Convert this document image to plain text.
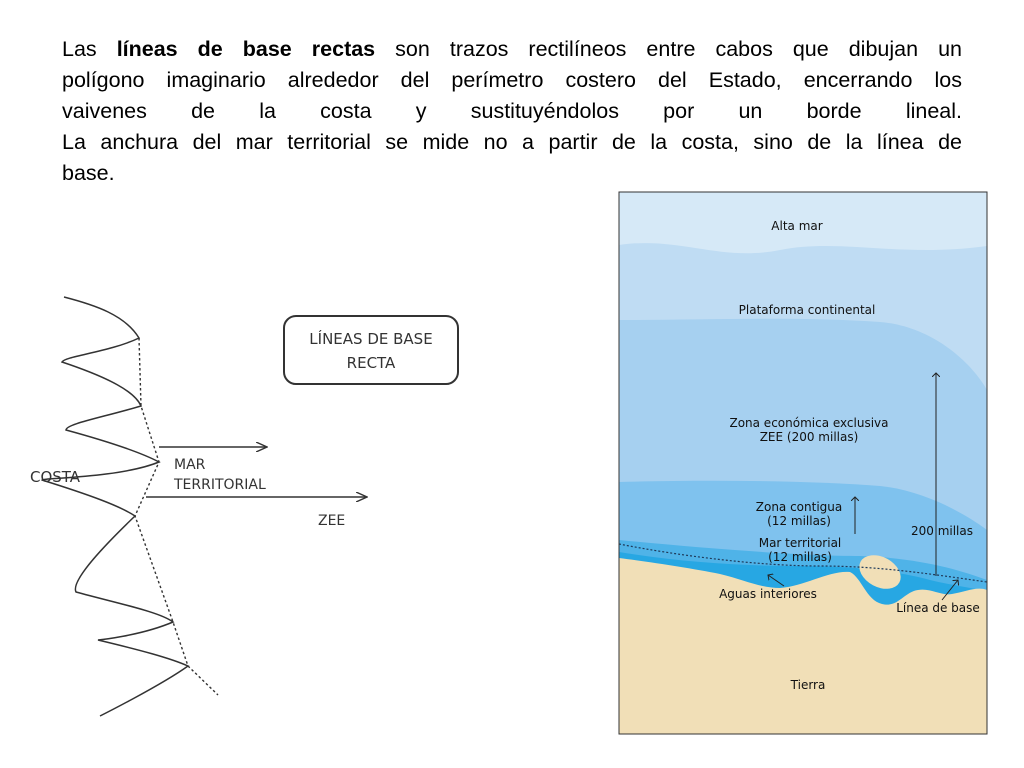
Las líneas de base rectas son trazos rectilíneos entre cabos que dibujan un
polígono imaginario alrededor del perímetro costero del Estado, encerrando los
vaivenes de la costa y sustituyéndolos por un borde lineal.
La anchura del mar territorial se mide no a partir de la costa, sino de la línea de
base.
LÍNEAS DE BASE
RECTA
COSTA
MAR
TERRITORIAL
ZEE
Alta mar
Plataforma continental
Zona económica exclusiva
ZEE (200 millas)
Zona contigua
(12 millas)
Mar territorial
(12 millas)
200 millas
Aguas interiores
Línea de base
Tierra
